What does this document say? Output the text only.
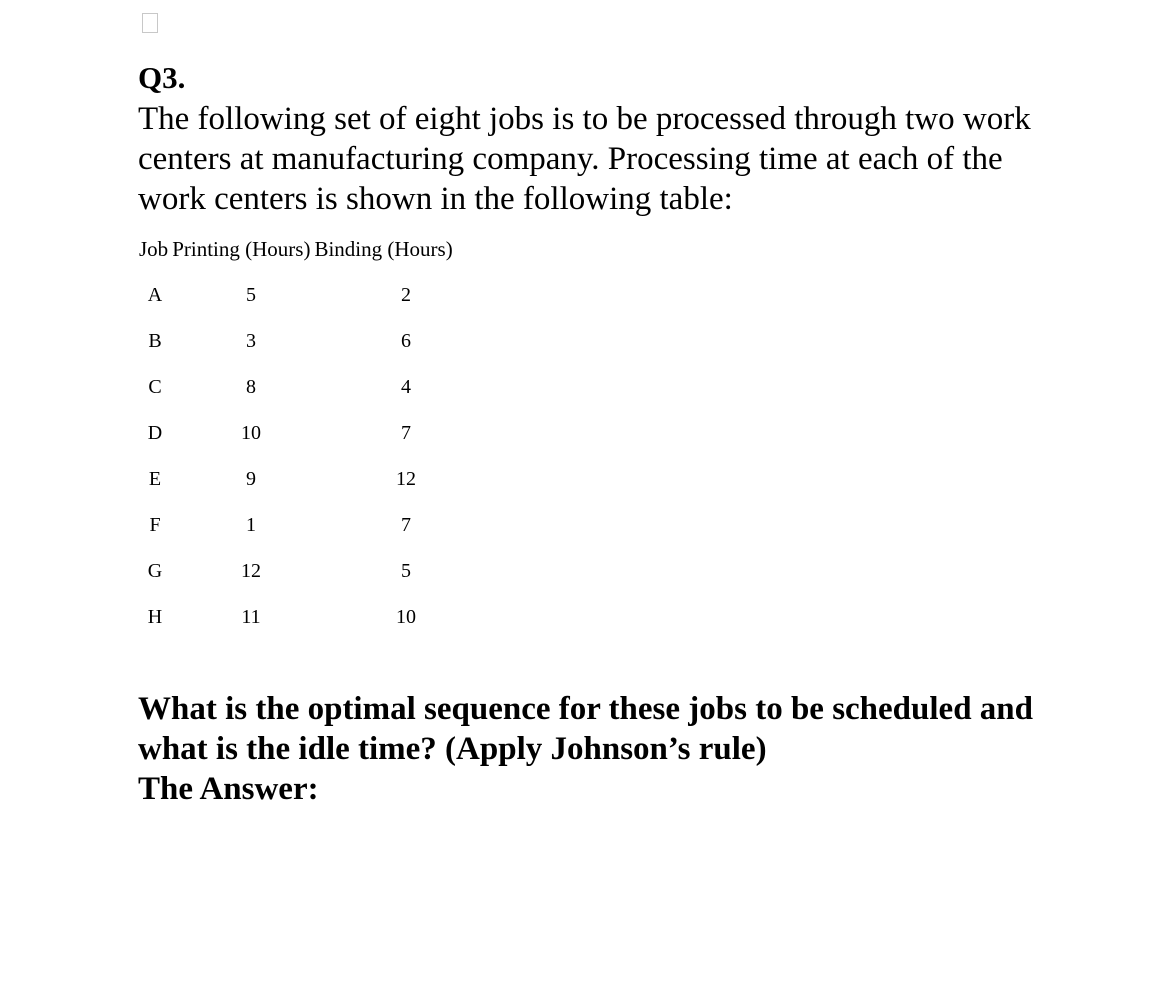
Q3.

The following set of eight jobs is to be processed through two work centers at manufacturing company. Processing time at each of the work centers is shown in the following table:

Job Printing (Hours) Binding (Hours)
A	5	2
B	3	6
C	8	4
D	10	7
E	9	12
F	1	7
G	12	5
H	11	10

What is the optimal sequence for these jobs to be scheduled and what is the idle time? (Apply Johnson’s rule)

The Answer:
